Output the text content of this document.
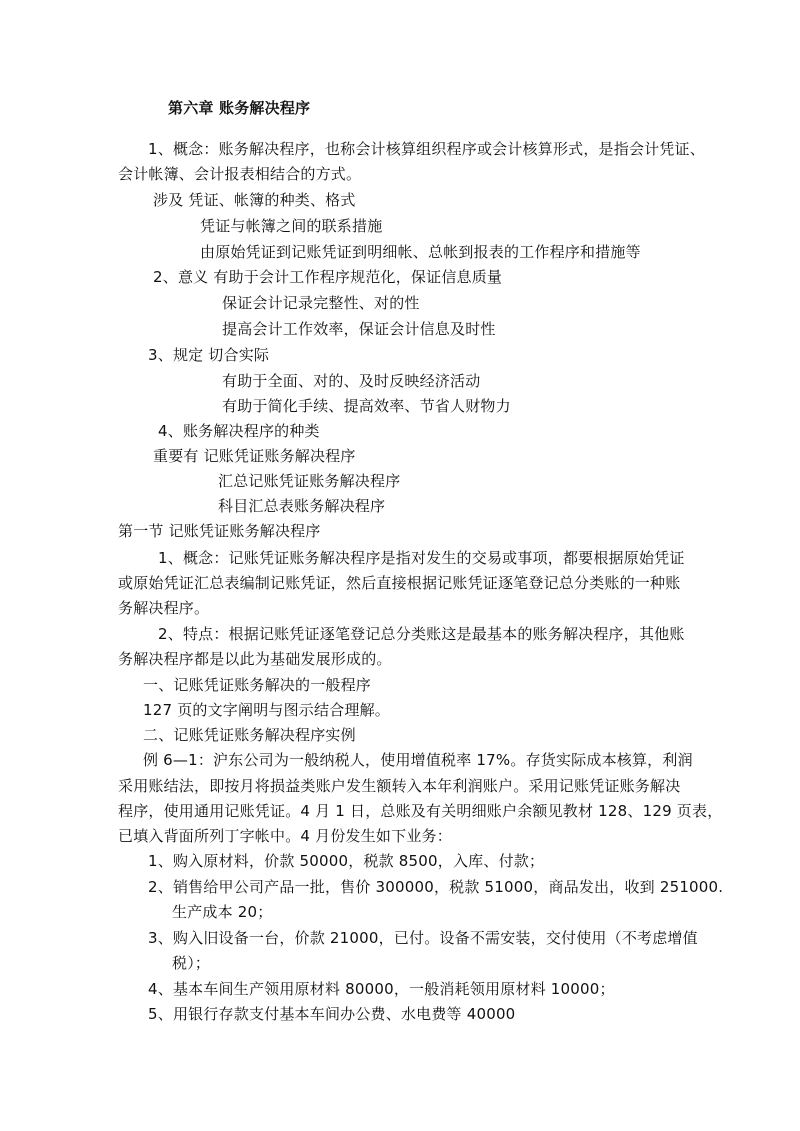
第六章 账务解决程序
1、概念：账务解决程序，也称会计核算组织程序或会计核算形式，是指会计凭证、
会计帐簿、会计报表相结合的方式。
涉及 凭证、帐簿的种类、格式
凭证与帐簿之间的联系措施
由原始凭证到记账凭证到明细帐、总帐到报表的工作程序和措施等
2、意义 有助于会计工作程序规范化，保证信息质量
保证会计记录完整性、对的性
提高会计工作效率，保证会计信息及时性
3、规定 切合实际
有助于全面、对的、及时反映经济活动
有助于简化手续、提高效率、节省人财物力
4、账务解决程序的种类
重要有 记账凭证账务解决程序
汇总记账凭证账务解决程序
科目汇总表账务解决程序
第一节 记账凭证账务解决程序
1、概念：记账凭证账务解决程序是指对发生的交易或事项，都要根据原始凭证
或原始凭证汇总表编制记账凭证，然后直接根据记账凭证逐笔登记总分类账的一种账
务解决程序。
2、特点：根据记账凭证逐笔登记总分类账这是最基本的账务解决程序，其他账
务解决程序都是以此为基础发展形成的。
一、记账凭证账务解决的一般程序
127 页的文字阐明与图示结合理解。
二、记账凭证账务解决程序实例
例 6—1：沪东公司为一般纳税人，使用增值税率 17%。存货实际成本核算，利润
采用账结法，即按月将损益类账户发生额转入本年利润账户。采用记账凭证账务解决
程序，使用通用记账凭证。4 月 1 日，总账及有关明细账户余额见教材 128、129 页表，
已填入背面所列丁字帐中。4 月份发生如下业务：
1、购入原材料，价款 50000，税款 8500，入库、付款；
2、销售给甲公司产品一批，售价 300000，税款 51000，商品发出，收到 251000.
生产成本 20；
3、购入旧设备一台，价款 21000，已付。设备不需安装，交付使用（不考虑增值
税）；
4、基本车间生产领用原材料 80000，一般消耗领用原材料 10000；
5、用银行存款支付基本车间办公费、水电费等 40000
